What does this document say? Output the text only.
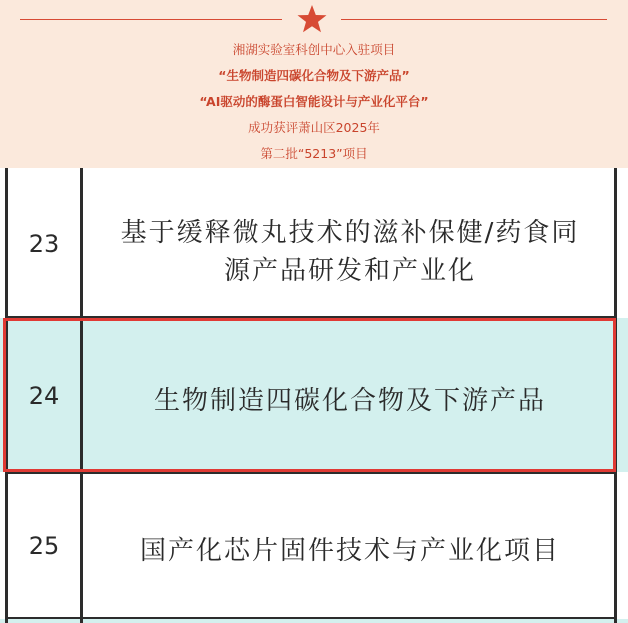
湘湖实验室科创中心入驻项目
“生物制造四碳化合物及下游产品”
“AI驱动的酶蛋白智能设计与产业化平台”
成功获评萧山区2025年
第二批“5213”项目
23	基于缓释微丸技术的滋补保健/药食同
源产品研发和产业化
24	生物制造四碳化合物及下游产品
25	国产化芯片固件技术与产业化项目
